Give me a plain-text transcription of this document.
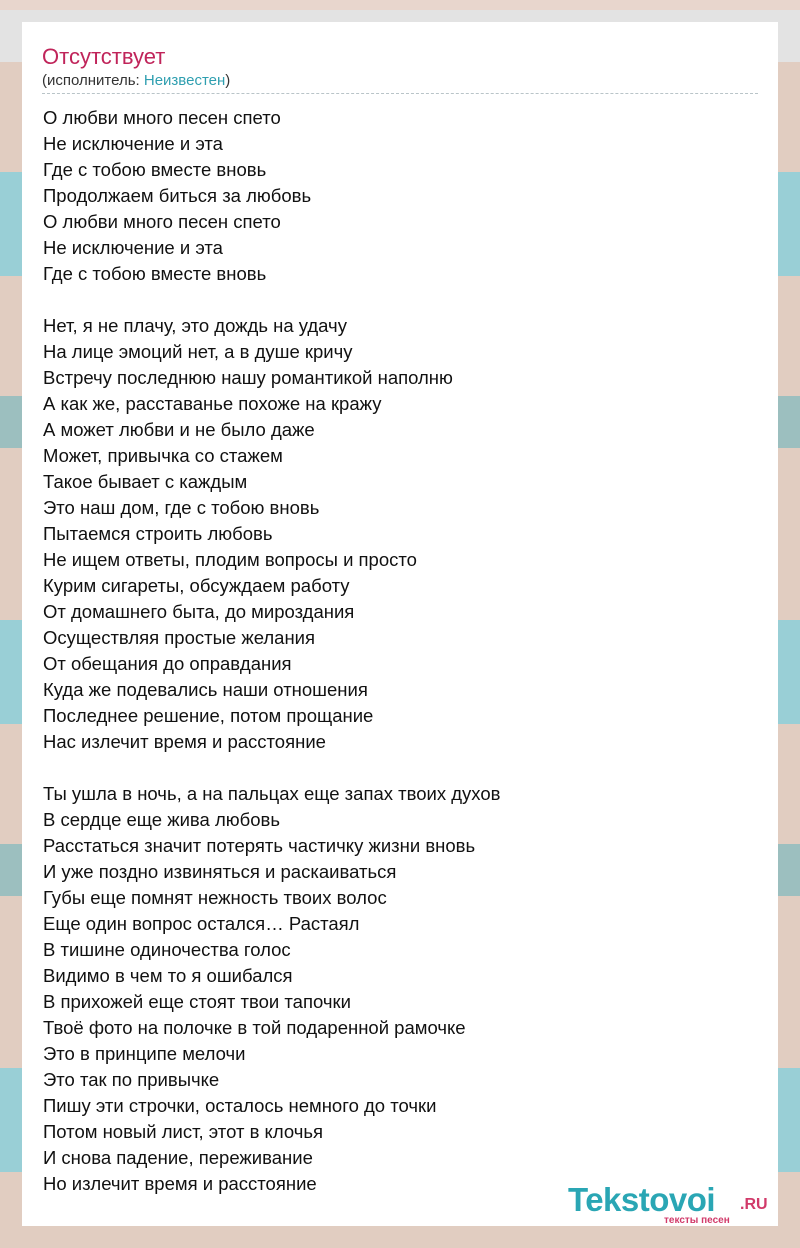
Отсутствует
(исполнитель: Неизвестен)
О любви много песен спето
Не исключение и эта
Где с тобою вместе вновь
Продолжаем биться за любовь
О любви много песен спето
Не исключение и эта
Где с тобою вместе вновь
Нет, я не плачу, это дождь на удачу
На лице эмоций нет, а в душе кричу
Встречу последнюю нашу романтикой наполню
А как же, расставанье похоже на кражу
А может любви и не было даже
Может, привычка со стажем
Такое бывает с каждым
Это наш дом, где с тобою вновь
Пытаемся строить любовь
Не ищем ответы, плодим вопросы и просто
Курим сигареты, обсуждаем работу
От домашнего быта, до мироздания
Осуществляя простые желания
От обещания до оправдания
Куда же подевались наши отношения
Последнее решение, потом прощание
Нас излечит время и расстояние
Ты ушла в ночь, а на пальцах еще запах твоих духов
В сердце еще жива любовь
Расстаться значит потерять частичку жизни вновь
И уже поздно извиняться и раскаиваться
Губы еще помнят нежность твоих волос
Еще один вопрос остался… Растаял
В тишине одиночества голос
Видимо в чем то я ошибался
В прихожей еще стоят твои тапочки
Твоё фото на полочке в той подаренной рамочке
Это в принципе мелочи
Это так по привычке
Пишу эти строчки, осталось немного до точки
Потом новый лист, этот в клочья
И снова падение, переживание
Но излечит время и расстояние	Tekstovoi .RU
тексты песен
